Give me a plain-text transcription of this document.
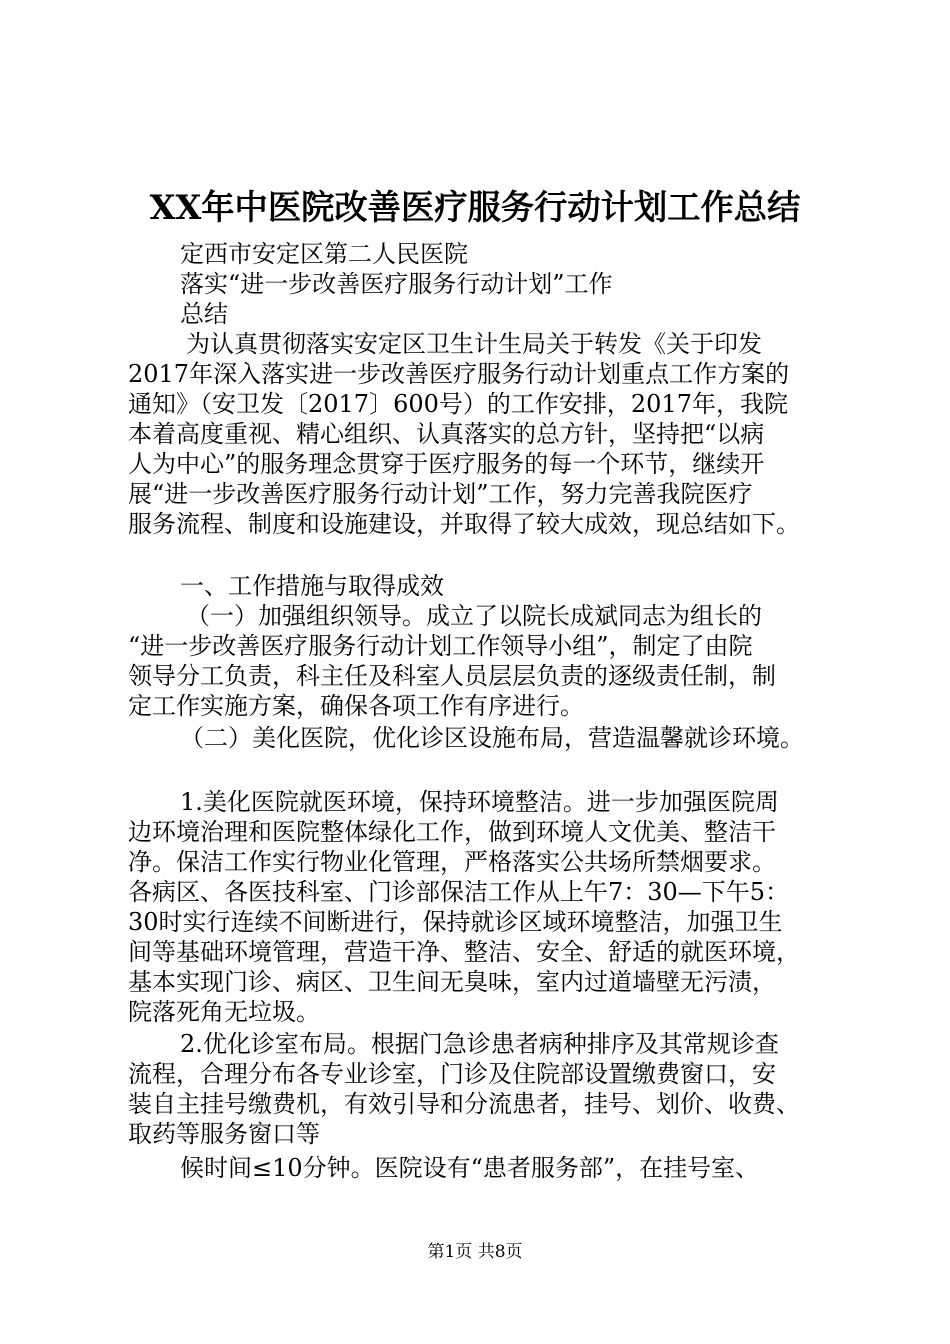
XX年中医院改善医疗服务行动计划工作总结
定西市安定区第二人民医院
落实“进一步改善医疗服务行动计划”工作
总结
为认真贯彻落实安定区卫生计生局关于转发《关于印发
2017年深入落实进一步改善医疗服务行动计划重点工作方案的
通知》（安卫发〔2017〕600号）的工作安排，2017年，我院
本着高度重视、精心组织、认真落实的总方针，坚持把“以病
人为中心”的服务理念贯穿于医疗服务的每一个环节，继续开
展“进一步改善医疗服务行动计划”工作，努力完善我院医疗
服务流程、制度和设施建设，并取得了较大成效，现总结如下。
一、工作措施与取得成效
（一）加强组织领导。成立了以院长成斌同志为组长的
“进一步改善医疗服务行动计划工作领导小组”，制定了由院
领导分工负责，科主任及科室人员层层负责的逐级责任制，制
定工作实施方案，确保各项工作有序进行。
（二）美化医院，优化诊区设施布局，营造温馨就诊环境。
1.美化医院就医环境，保持环境整洁。进一步加强医院周
边环境治理和医院整体绿化工作，做到环境人文优美、整洁干
净。保洁工作实行物业化管理，严格落实公共场所禁烟要求。
各病区、各医技科室、门诊部保洁工作从上午7：30—下午5：
30时实行连续不间断进行，保持就诊区域环境整洁，加强卫生
间等基础环境管理，营造干净、整洁、安全、舒适的就医环境，
基本实现门诊、病区、卫生间无臭味，室内过道墙壁无污渍，
院落死角无垃圾。
2.优化诊室布局。根据门急诊患者病种排序及其常规诊查
流程，合理分布各专业诊室，门诊及住院部设置缴费窗口，安
装自主挂号缴费机，有效引导和分流患者，挂号、划价、收费、
取药等服务窗口等
候时间≤10分钟。医院设有“患者服务部”，在挂号室、
第1页 共8页
